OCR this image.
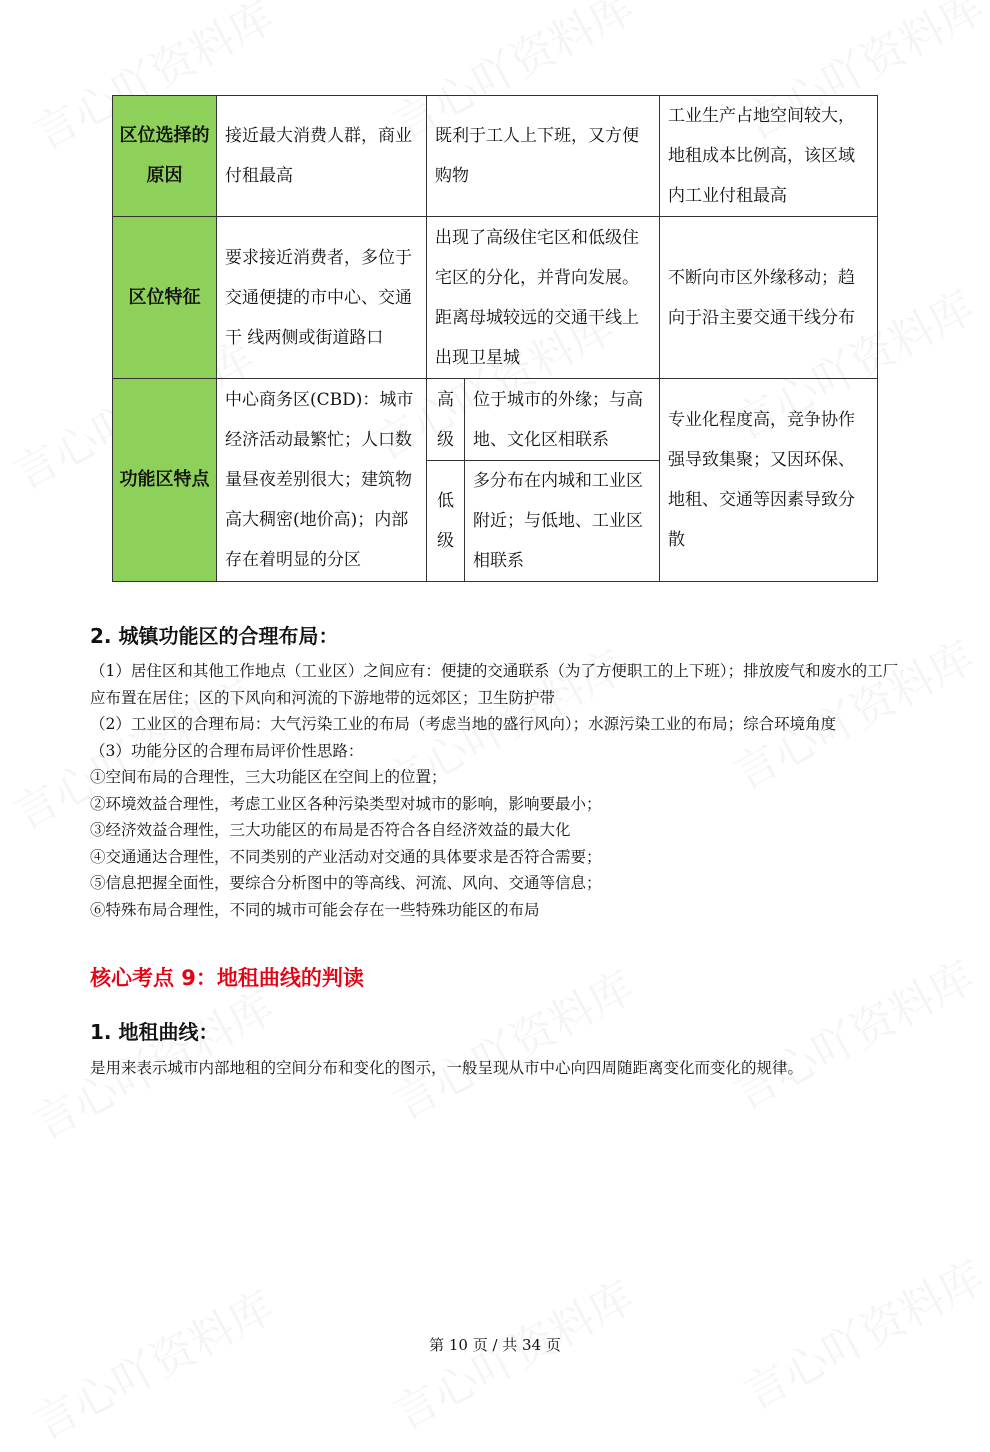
区位选择的原因	接近最大消费人群，商业付租最高	既利于工人上下班，又方便购物		工业生产占地空间较大，地租成本比例高，该区域内工业付租最高

区位特征	要求接近消费者，多位于交通便捷的市中心、交通干 线两侧或街道路口	出现了高级住宅区和低级住宅区的分化，并背向发展。距离母城较远的交通干线上出现卫星城		不断向市区外缘移动；趋向于沿主要交通干线分布

功能区特点	中心商务区(CBD)：城市经济活动最繁忙；人口数量昼夜差别很大；建筑物高大稠密(地价高)；内部存在着明显的分区	高级	位于城市的外缘；与高地、文化区相联系	专业化程度高，竞争协作强导致集聚；又因环保、地租、交通等因素导致分散

		低级	多分布在内城和工业区附近；与低地、工业区相联系	
2. 城镇功能区的合理布局：
（1）居住区和其他工作地点（工业区）之间应有：便捷的交通联系（为了方便职工的上下班）；排放废气和废水的工厂应布置在居住；区的下风向和河流的下游地带的远郊区；卫生防护带
（2）工业区的合理布局：大气污染工业的布局（考虑当地的盛行风向）；水源污染工业的布局；综合环境角度
（3）功能分区的合理布局评价性思路：
①空间布局的合理性，三大功能区在空间上的位置；
②环境效益合理性，考虑工业区各种污染类型对城市的影响，影响要最小；
③经济效益合理性，三大功能区的布局是否符合各自经济效益的最大化
④交通通达合理性，不同类别的产业活动对交通的具体要求是否符合需要；
⑤信息把握全面性，要综合分析图中的等高线、河流、风向、交通等信息；
⑥特殊布局合理性，不同的城市可能会存在一些特殊功能区的布局
核心考点 9：地租曲线的判读
1. 地租曲线：
是用来表示城市内部地租的空间分布和变化的图示，一般呈现从市中心向四周随距离变化而变化的规律。
第 10 页 / 共 34 页
